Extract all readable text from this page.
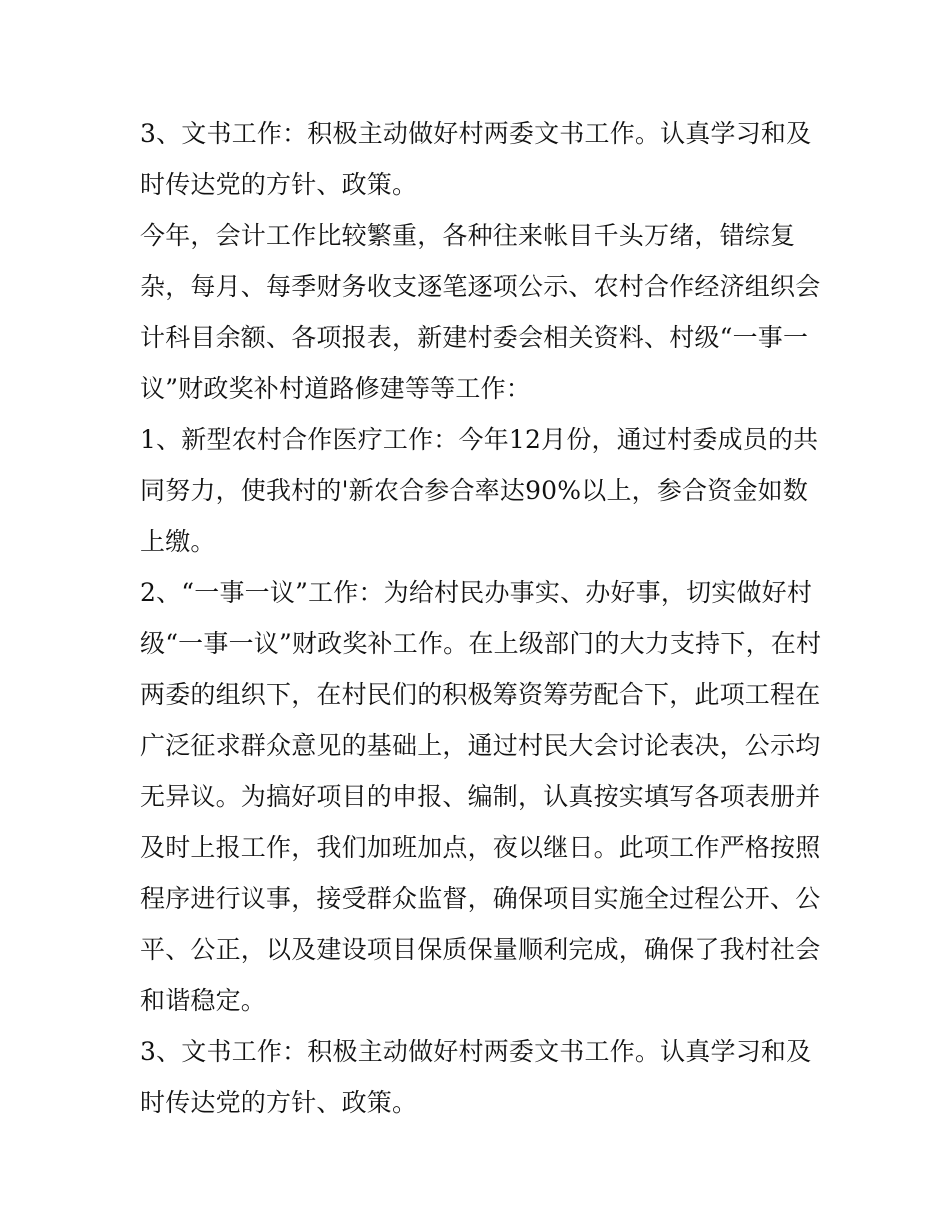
3、文书工作：积极主动做好村两委文书工作。认真学习和及
时传达党的方针、政策。

今年，会计工作比较繁重，各种往来帐目千头万绪，错综复
杂，每月、每季财务收支逐笔逐项公示、农村合作经济组织会
计科目余额、各项报表，新建村委会相关资料、村级“一事一
议”财政奖补村道路修建等等工作：

1、新型农村合作医疗工作：今年12月份，通过村委成员的共
同努力，使我村的'新农合参合率达90%以上，参合资金如数
上缴。

2、“一事一议”工作：为给村民办事实、办好事，切实做好村
级“一事一议”财政奖补工作。在上级部门的大力支持下，在村
两委的组织下，在村民们的积极筹资筹劳配合下，此项工程在
广泛征求群众意见的基础上，通过村民大会讨论表决，公示均
无异议。为搞好项目的申报、编制，认真按实填写各项表册并
及时上报工作，我们加班加点，夜以继日。此项工作严格按照
程序进行议事，接受群众监督，确保项目实施全过程公开、公
平、公正，以及建设项目保质保量顺利完成，确保了我村社会
和谐稳定。

3、文书工作：积极主动做好村两委文书工作。认真学习和及
时传达党的方针、政策。
